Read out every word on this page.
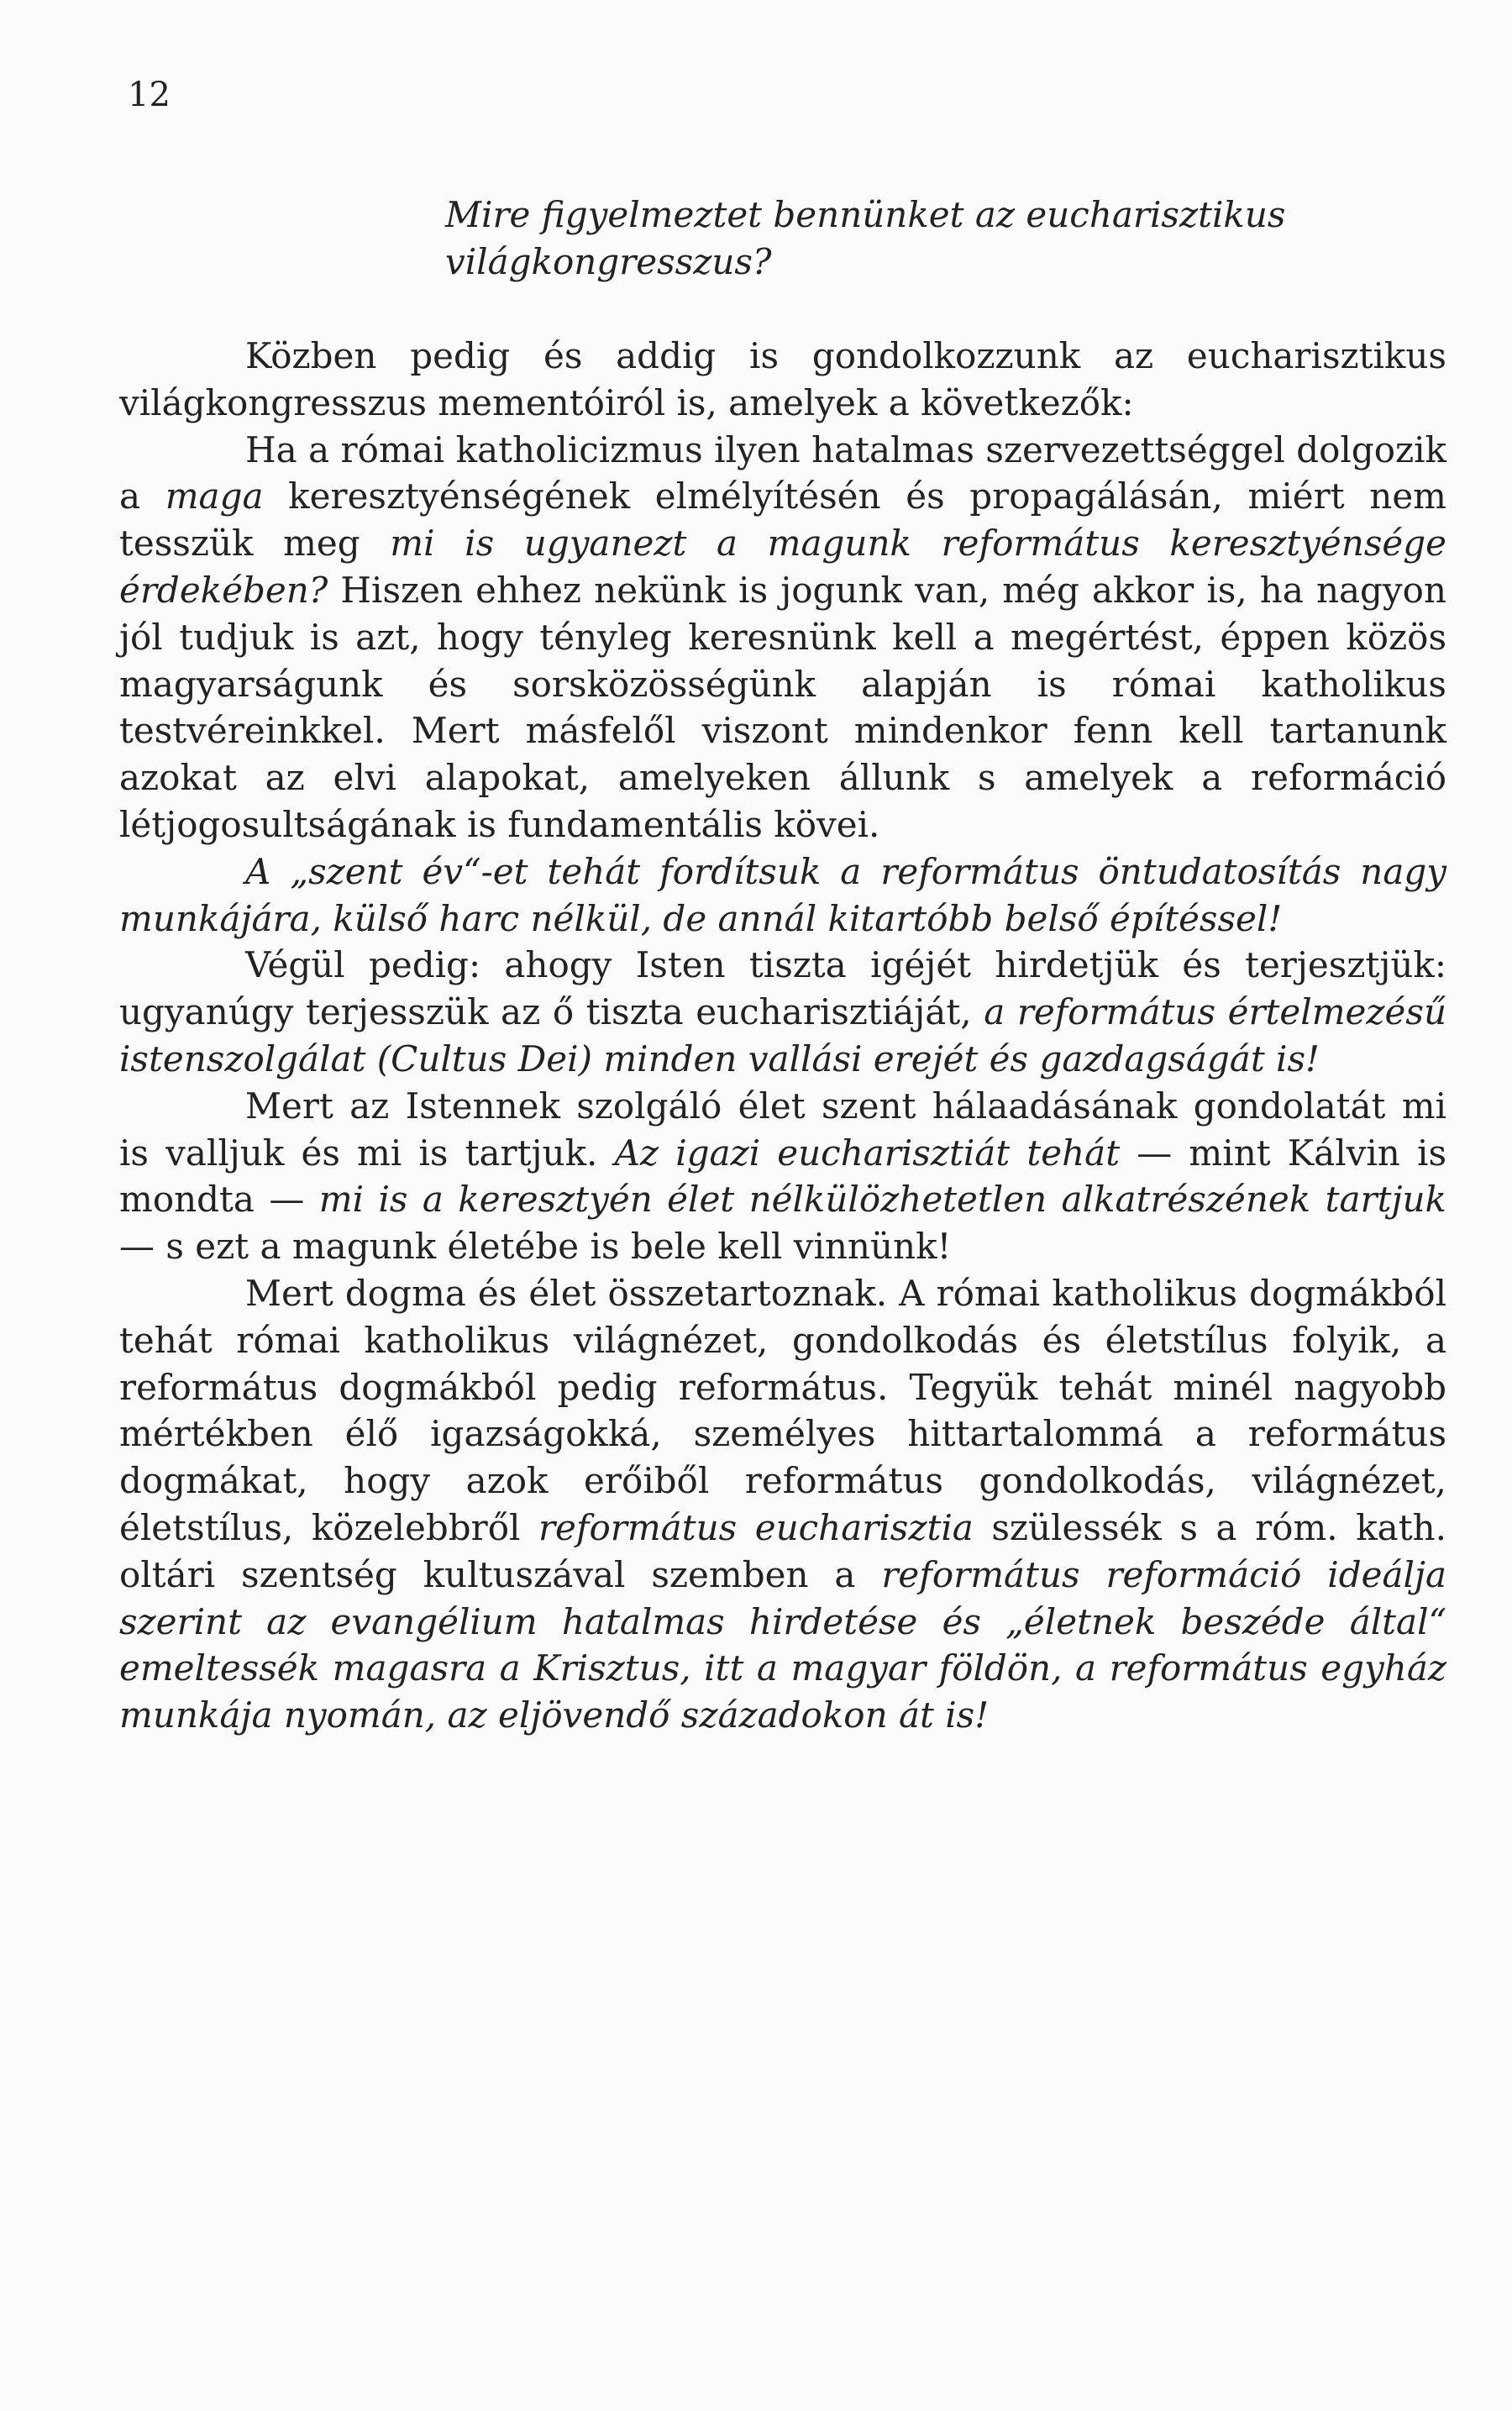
12
Mire figyelmeztet bennünket az eucharisztikus világkongresszus?

Közben pedig és addig is gondolkozzunk az eucharisztikus világkongresszus mementóiról is, amelyek a következők:

Ha a római katholicizmus ilyen hatalmas szervezettséggel dolgozik a maga keresztyénségének elmélyítésén és propagálásán, miért nem tesszük meg mi is ugyanezt a magunk református keresztyénsége érdekében? Hiszen ehhez nekünk is jogunk van, még akkor is, ha nagyon jól tudjuk is azt, hogy tényleg keresnünk kell a megértést, éppen közös magyarságunk és sorsközösségünk alapján is római katholikus testvéreinkkel. Mert másfelől viszont mindenkor fenn kell tartanunk azokat az elvi alapokat, amelyeken állunk s amelyek a reformáció létjogosultságának is fundamentális kövei.

A „szent év“-et tehát fordítsuk a református öntudatosítás nagy munkájára, külső harc nélkül, de annál kitartóbb belső építéssel!

Végül pedig: ahogy Isten tiszta igéjét hirdetjük és terjesztjük: ugyanúgy terjesszük az ő tiszta eucharisztiáját, a református értelmezésű istenszolgálat (Cultus Dei) minden vallási erejét és gazdagságát is!

Mert az Istennek szolgáló élet szent hálaadásának gondolatát mi is valljuk és mi is tartjuk. Az igazi eucharisztiát tehát — mint Kálvin is mondta — mi is a keresztyén élet nélkülözhetetlen alkatrészének tartjuk — s ezt a magunk életébe is bele kell vinnünk!

Mert dogma és élet összetartoznak. A római katholikus dogmákból tehát római katholikus világnézet, gondolkodás és életstílus folyik, a református dogmákból pedig református. Tegyük tehát minél nagyobb mértékben élő igazságokká, személyes hittartalommá a református dogmákat, hogy azok erőiből református gondolkodás, világnézet, életstílus, közelebbről református eucharisztia szülessék s a róm. kath. oltári szentség kultuszával szemben a református reformáció ideálja szerint az evangélium hatalmas hirdetése és „életnek beszéde által“ emeltessék magasra a Krisztus, itt a magyar földön, a református egyház munkája nyomán, az eljövendő századokon át is!
